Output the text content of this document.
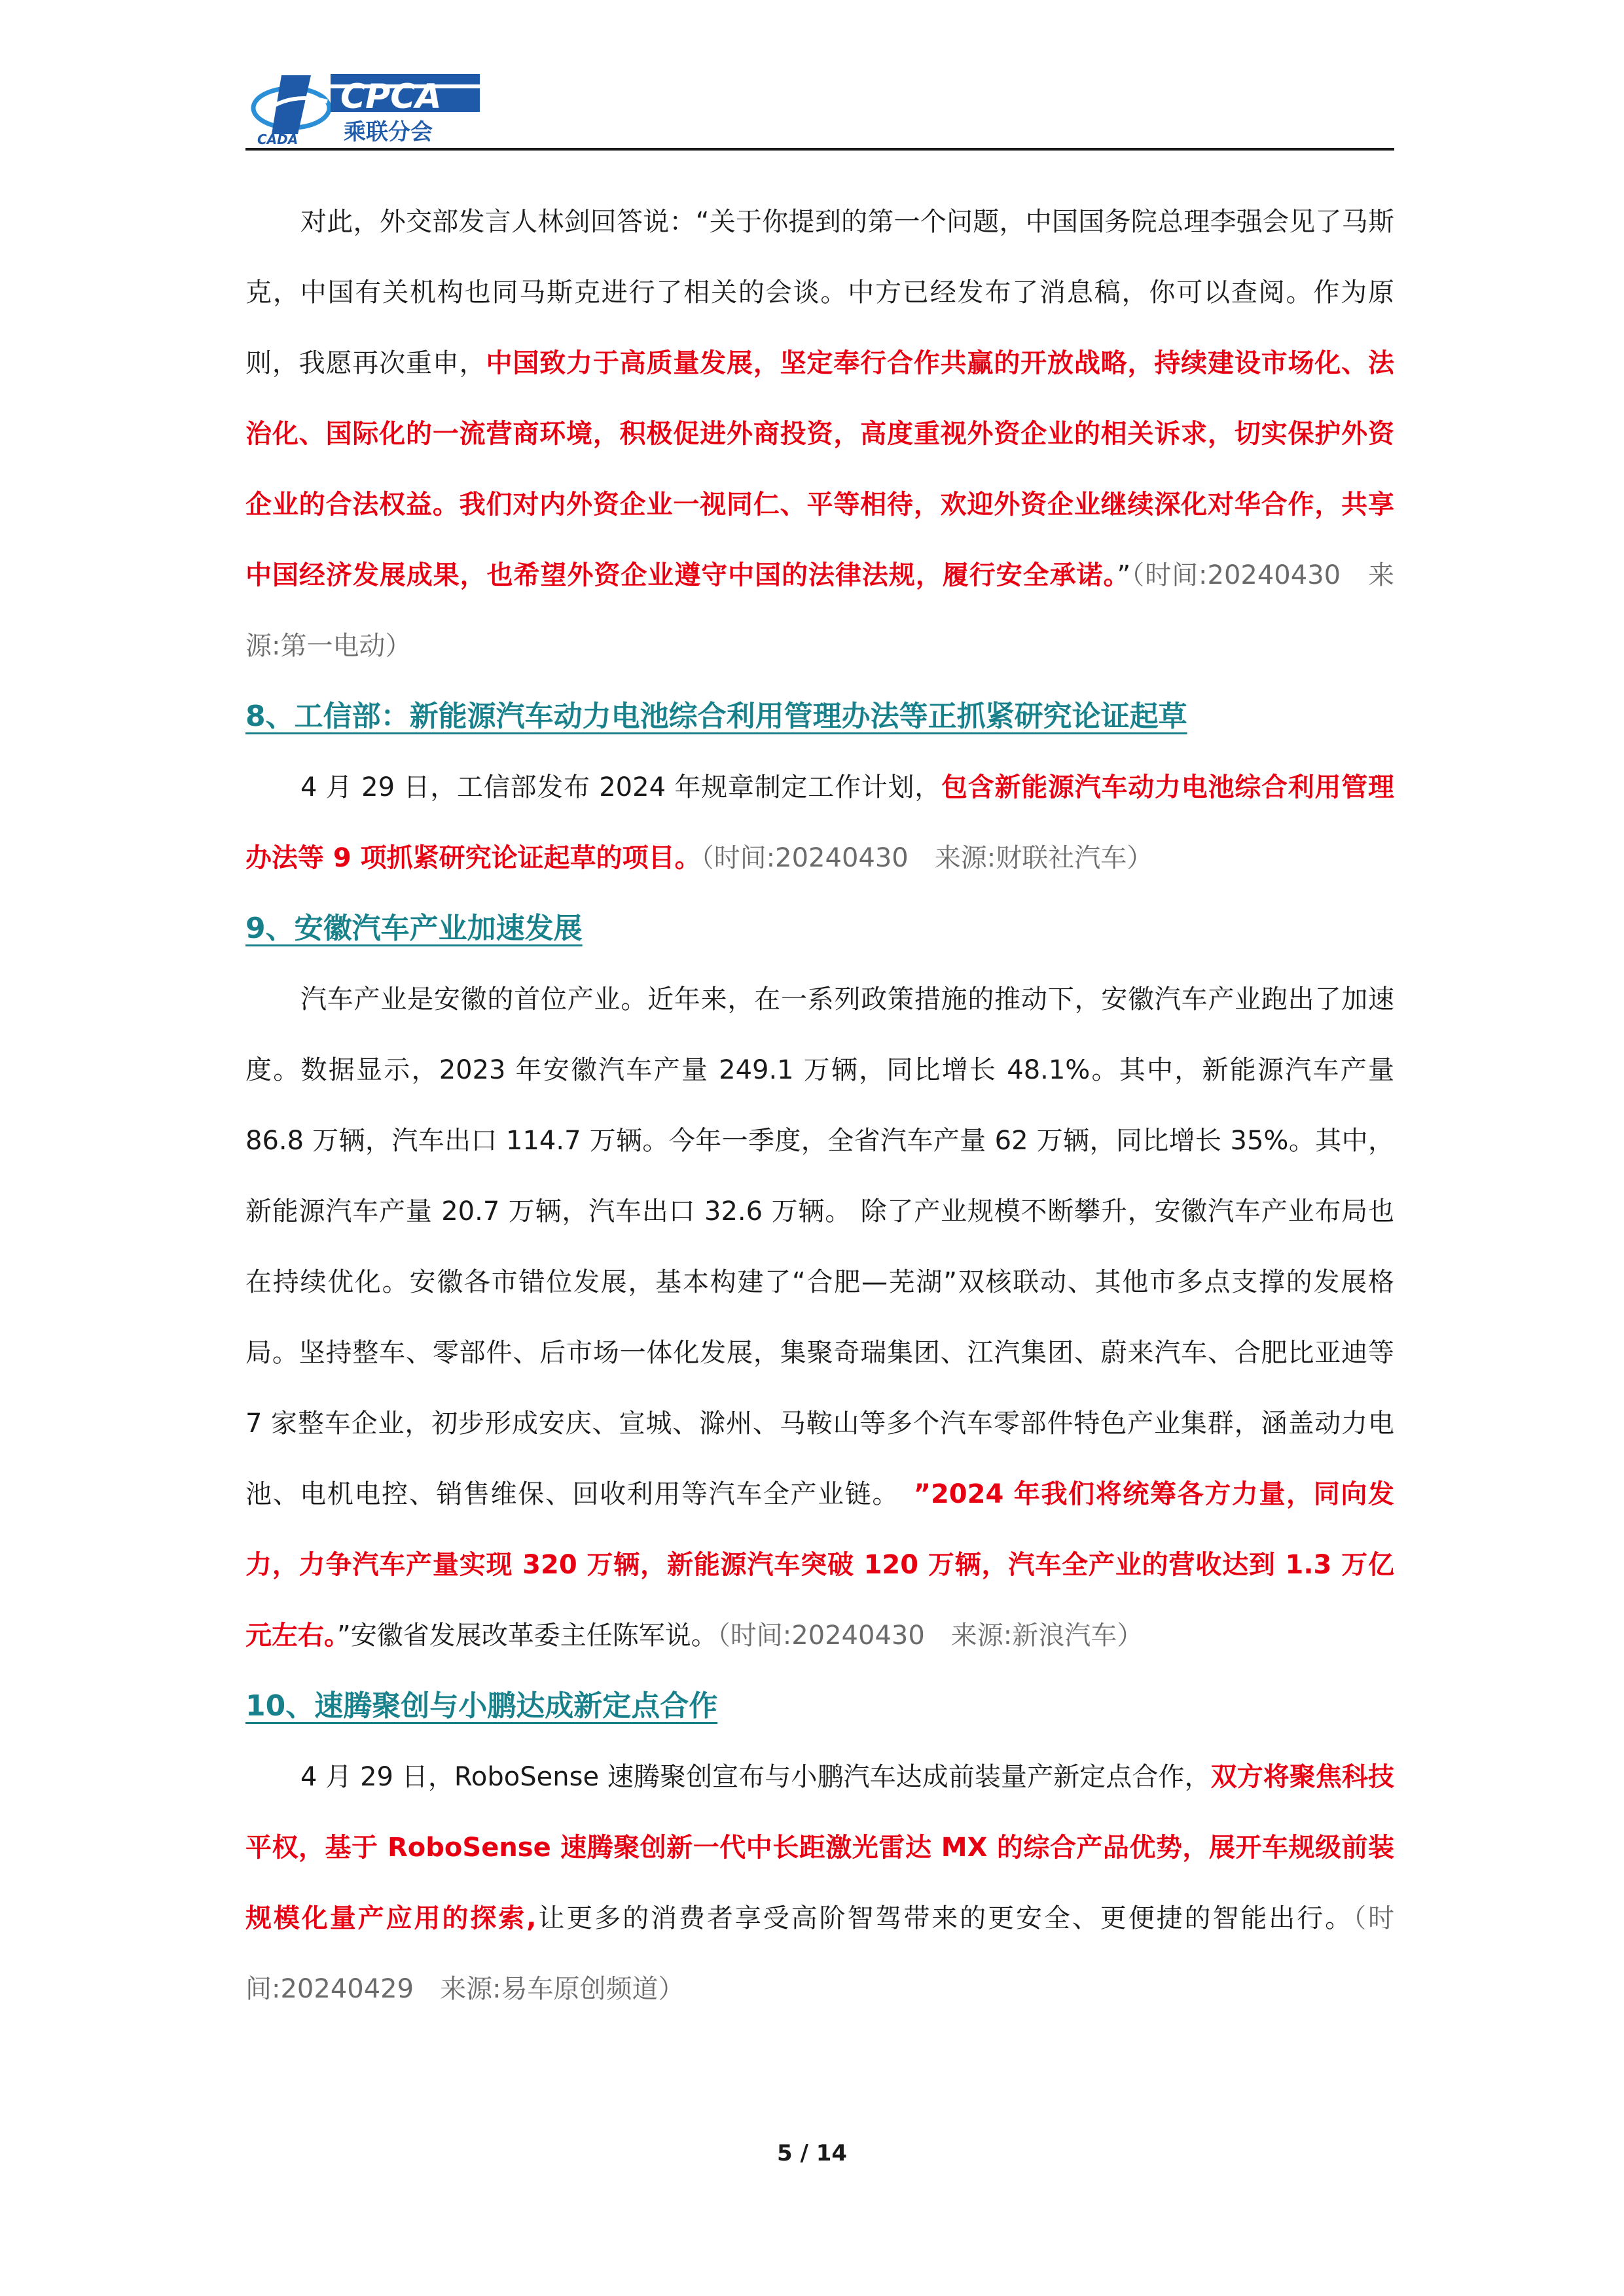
CADA
CPCA
乘联分会

对此，外交部发言人林剑回答说：“关于你提到的第一个问题，中国国务院总理李强会见了马斯克，中国有关机构也同马斯克进行了相关的会谈。中方已经发布了消息稿，你可以查阅。作为原则，我愿再次重申，中国致力于高质量发展，坚定奉行合作共赢的开放战略，持续建设市场化、法治化、国际化的一流营商环境，积极促进外商投资，高度重视外资企业的相关诉求，切实保护外资企业的合法权益。我们对内外资企业一视同仁、平等相待，欢迎外资企业继续深化对华合作，共享中国经济发展成果，也希望外资企业遵守中国的法律法规，履行安全承诺。”（时间:20240430　来源:第一电动）

8、工信部：新能源汽车动力电池综合利用管理办法等正抓紧研究论证起草

4 月 29 日，工信部发布 2024 年规章制定工作计划，包含新能源汽车动力电池综合利用管理办法等 9 项抓紧研究论证起草的项目。（时间:20240430　来源:财联社汽车）

9、安徽汽车产业加速发展

汽车产业是安徽的首位产业。近年来，在一系列政策措施的推动下，安徽汽车产业跑出了加速度。数据显示，2023 年安徽汽车产量 249.1 万辆，同比增长 48.1%。其中，新能源汽车产量 86.8 万辆，汽车出口 114.7 万辆。今年一季度，全省汽车产量 62 万辆，同比增长 35%。其中，新能源汽车产量 20.7 万辆，汽车出口 32.6 万辆。 除了产业规模不断攀升，安徽汽车产业布局也在持续优化。安徽各市错位发展，基本构建了“合肥—芜湖”双核联动、其他市多点支撑的发展格局。坚持整车、零部件、后市场一体化发展，集聚奇瑞集团、江汽集团、蔚来汽车、合肥比亚迪等 7 家整车企业，初步形成安庆、宣城、滁州、马鞍山等多个汽车零部件特色产业集群，涵盖动力电池、电机电控、销售维保、回收利用等汽车全产业链。　”2024 年我们将统筹各方力量，同向发力，力争汽车产量实现 320 万辆，新能源汽车突破 120 万辆，汽车全产业的营收达到 1.3 万亿元左右。”安徽省发展改革委主任陈军说。（时间:20240430　来源:新浪汽车）

10、速腾聚创与小鹏达成新定点合作

4 月 29 日，RoboSense 速腾聚创宣布与小鹏汽车达成前装量产新定点合作，双方将聚焦科技平权，基于 RoboSense 速腾聚创新一代中长距激光雷达 MX 的综合产品优势，展开车规级前装规模化量产应用的探索,让更多的消费者享受高阶智驾带来的更安全、更便捷的智能出行。（时间:20240429　来源:易车原创频道）

5 / 14
